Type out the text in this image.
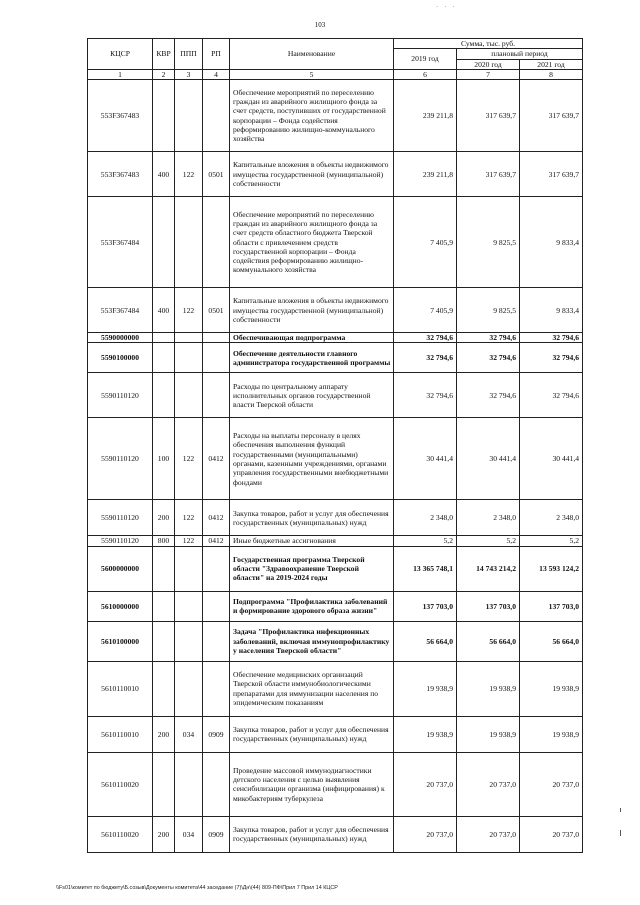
· · ·
103
КЦСР	КВР	ППП	РП	Наименование	Сумма, тыс. руб.		
					2019 год	плановый период	
						2020 год	2021 год
1	2	3	4	5	6	7	8
553F367483				Обеспечение мероприятий по переселению граждан из аварийного жилищного фонда за счет средств, поступивших от государственной корпорации – Фонда содействия реформированию жилищно-коммунального хозяйства	239 211,8	317 639,7	317 639,7
553F367483	400	122	0501	Капитальные вложения в объекты недвижимого имущества государственной (муниципальной) собственности	239 211,8	317 639,7	317 639,7
553F367484				Обеспечение мероприятий по переселению граждан из аварийного жилищного фонда за счет средств областного бюджета Тверской области с привлечением средств государственной корпорации – Фонда содействия реформированию жилищно-коммунального хозяйства	7 405,9	9 825,5	9 833,4
553F367484	400	122	0501	Капитальные вложения в объекты недвижимого имущества государственной (муниципальной) собственности	7 405,9	9 825,5	9 833,4
5590000000				Обеспечивающая подпрограмма	32 794,6	32 794,6	32 794,6
5590100000				Обеспечение деятельности главного администратора государственной программы	32 794,6	32 794,6	32 794,6
5590110120				Расходы по центральному аппарату исполнительных органов государственной власти Тверской области	32 794,6	32 794,6	32 794,6
5590110120	100	122	0412	Расходы на выплаты персоналу в целях обеспечения выполнения функций государственными (муниципальными) органами, казенными учреждениями, органами управления государственными внебюджетными фондами	30 441,4	30 441,4	30 441,4
5590110120	200	122	0412	Закупка товаров, работ и услуг для обеспечения государственных (муниципальных) нужд	2 348,0	2 348,0	2 348,0
5590110120	800	122	0412	Иные бюджетные ассигнования	5,2	5,2	5,2
5600000000				Государственная программа Тверской области "Здравоохранение Тверской области" на 2019-2024 годы	13 365 748,1	14 743 214,2	13 593 124,2
5610000000				Подпрограмма "Профилактика заболеваний и формирование здорового образа жизни"	137 703,0	137 703,0	137 703,0
5610100000				Задача "Профилактика инфекционных заболеваний, включая иммунопрофилактику у населения Тверской области"	56 664,0	56 664,0	56 664,0
5610110010				Обеспечение медицинских организаций Тверской области иммунобиологическими препаратами для иммунизации населения по эпидемическим показаниям	19 938,9	19 938,9	19 938,9
5610110010	200	034	0909	Закупка товаров, работ и услуг для обеспечения государственных (муниципальных) нужд	19 938,9	19 938,9	19 938,9
5610110020				Проведение массовой иммунодиагностики детского населения с целью выявления сенсибилизации организма (инфицирования) к микобактериям туберкулеза	20 737,0	20 737,0	20 737,0
5610110020	200	034	0909	Закупка товаров, работ и услуг для обеспечения государственных (муниципальных) нужд	20 737,0	20 737,0	20 737,0
\\Fs01\комитет по бюджету\Б.созыв\Документы комитета\44 заседание (7)\Дн\(44) 809-ПФ\Прил 7 Прил 14 КЦСР
